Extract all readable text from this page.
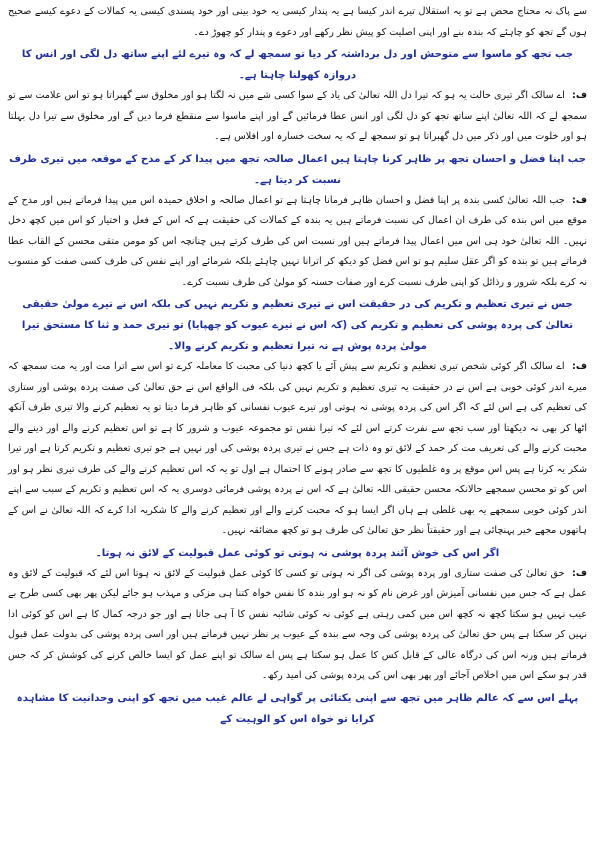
سے پاک نہ محتاج محض ہے تو یہ استقلال تیرے اندر کیسا ہے یہ پندار کیسی یہ خود بینی اور خود پسندی کیسی یہ کمالات کے دعوے کیسے صحیح ہوں گے تجھ کو چاہئے کہ بندہ بنے اور اپنی اصلیت کو پیش نظر رکھے اور دعوے و پندار کو چھوڑ دے۔

جب تجھ کو ماسوا سے متوحش اور دل برداشتہ کر دیا تو سمجھ لے کہ وہ تیرے لئے اپنے ساتھ دل لگی اور انس کا دروازہ کھولنا چاہتا ہے۔

ف: اے سالک اگر تیری حالت یہ ہو کہ تیرا دل اللہ تعالیٰ کی یاد کے سوا کسی شے میں نہ لگتا ہو اور مخلوق سے گھبراتا ہو تو اس علامت سے تو سمجھ لے کہ اللہ تعالیٰ اپنے ساتھ تجھ کو دل لگی اور انس عطا فرمائیں گے اور اپنے ماسوا سے منقطع فرما دیں گے اور مخلوق سے تیرا دل بہلتا ہو اور خلوت میں اور ذکر میں دل گھبراتا ہو تو سمجھ لے کہ یہ سخت خسارہ اور افلاس ہے۔

جب اپنا فضل و احسان تجھ پر ظاہر کرنا چاہتا ہیں اعمال صالحہ تجھ میں پیدا کر کے مدح کے موقعہ میں تیری طرف نسبت کر دیتا ہے۔

ف: جب اللہ تعالیٰ کسی بندہ پر اپنا فضل و احسان ظاہر فرمانا چاہتا ہے تو اعمال صالحہ و اخلاق حمیدہ اس میں پیدا فرماتے ہیں اور مدح کے موقع میں اس بندہ کی طرف ان اعمال کی نسبت فرماتے ہیں یہ بندہ کے کمالات کی حقیقت ہے کہ اس کے فعل و اختیار کو اس میں کچھ دخل نہیں۔ اللہ تعالیٰ خود ہی اس میں اعمال پیدا فرماتے ہیں اور نسبت اس کی طرف کرتے ہیں چنانچہ اس کو مومن متقی محسن کے القاب عطا فرماتے ہیں تو بندہ کو اگر عقل سلیم ہو تو اس فضل کو دیکھ کر اترانا نہیں چاہئے بلکہ شرمائے اور اپنے نفس کی طرف کسی صفت کو منسوب نہ کرے بلکہ شرور و رذائل کو اپنی طرف نسبت کرے اور صفات حسنہ کو مولیٰ کی طرف نسبت کرے۔

جس نے تیری تعظیم و تکریم کی در حقیقت اس نے تیری تعظیم و تکریم نہیں کی بلکہ اس نے تیرے مولیٰ حقیقی تعالیٰ کی پردہ پوشی کی تعظیم و تکریم کی (کہ اس نے تیرے عیوب کو چھپایا) تو تیری حمد و ثنا کا مستحق تیرا مولیٰ پردہ پوش ہے نہ تیرا تعظیم و تکریم کرنے والا۔

ف: اے سالک اگر کوئی شخص تیری تعظیم و تکریم سے پیش آئے یا کچھ دنیا کی محبت کا معاملہ کرے تو اس سے اترا مت اور یہ مت سمجھ کہ میرے اندر کوئی خوبی ہے اس نے در حقیقت یہ تیری تعظیم و تکریم نہیں کی بلکہ فی الواقع اس نے حق تعالیٰ کی صفت پردہ پوشی اور ستاری کی تعظیم کی ہے اس لئے کہ اگر اس کی پردہ پوشی نہ ہوتی اور تیرے عیوب نفسانی کو ظاہر فرما دیتا تو یہ تعظیم کرنے والا تیری طرف آنکھ اٹھا کر بھی نہ دیکھتا اور سب تجھ سے نفرت کرتے اس لئے کہ تیرا نفس تو مجموعہ عیوب و شرور کا ہے تو اس تعظیم کرنے والے اور دینے والے محبت کرنے والے کی تعریف مت کر حمد کے لائق تو وہ ذات ہے جس نے تیری پردہ پوشی کی اور نہیں ہے جو تیری تعظیم و تکریم کرتا ہے اور تیرا شکر یہ کرنا ہے پس اس موقع پر وہ غلطیوں کا تجھ سے صادر ہونے کا احتمال ہے اول تو یہ کہ اس تعظیم کرنے والے کی طرف تیری نظر ہو اور اس کو تو محسن سمجھے حالانکہ محسن حقیقی اللہ تعالیٰ ہے کہ اس نے پردہ پوشی فرمائی دوسری یہ کہ اس تعظیم و تکریم کے سبب سے اپنے اندر کوئی خوبی سمجھے یہ بھی غلطی ہے ہاں اگر ایسا ہو کہ محبت کرنے والے اور تعظیم کرنے والے کا شکریہ ادا کرے کہ اللہ تعالیٰ نے اس کے ہاتھوں مجھے خیر پہنچائی ہے اور حقیقتاً نظر حق تعالیٰ کی طرف ہو تو کچھ مضائقہ نہیں۔

اگر اس کی خوش آئند پردہ پوشی نہ ہوتی تو کوئی عمل قبولیت کے لائق نہ ہوتا۔

ف: حق تعالیٰ کی صفت ستاری اور پردہ پوشی کی اگر نہ ہوتی تو کسی کا کوئی عمل قبولیت کے لائق نہ ہوتا اس لئے کہ قبولیت کے لائق وہ عمل ہے کہ جس میں نفسانی آمیزش اور غرض نام کو نہ ہو اور بندہ کا نفس خواہ کتنا ہی مزکی و مہذب ہو جائے لیکن پھر بھی کسی طرح بے عیب نہیں ہو سکتا کچھ نہ کچھ اس میں کمی رہتی ہے کوئی نہ کوئی شائبہ نفس کا آ ہی جاتا ہے اور جو درجہ کمال کا ہے اس کو کوئی ادا نہیں کر سکتا ہے پس حق تعالیٰ کی پردہ پوشی کی وجہ سے بندہ کے عیوب پر نظر نہیں فرماتے ہیں اور اسی پردہ پوشی کی بدولت عمل قبول فرماتے ہیں ورنہ اس کی درگاہ عالی کے قابل کس کا عمل ہو سکتا ہے پس اے سالک تو اپنے عمل کو ایسا خالص کرنے کی کوشش کر کہ جس قدر ہو سکے اس میں اخلاص آجائے اور پھر بھی اس کی پردہ پوشی کی امید رکھ۔

پہلے اس سے کہ عالم ظاہر میں تجھ سے اپنی یکتائی پر گواہی لے عالم غیب میں تجھ کو اپنی وحدانیت کا مشاہدہ کرایا تو خواہ اس کو الوہیت کے
